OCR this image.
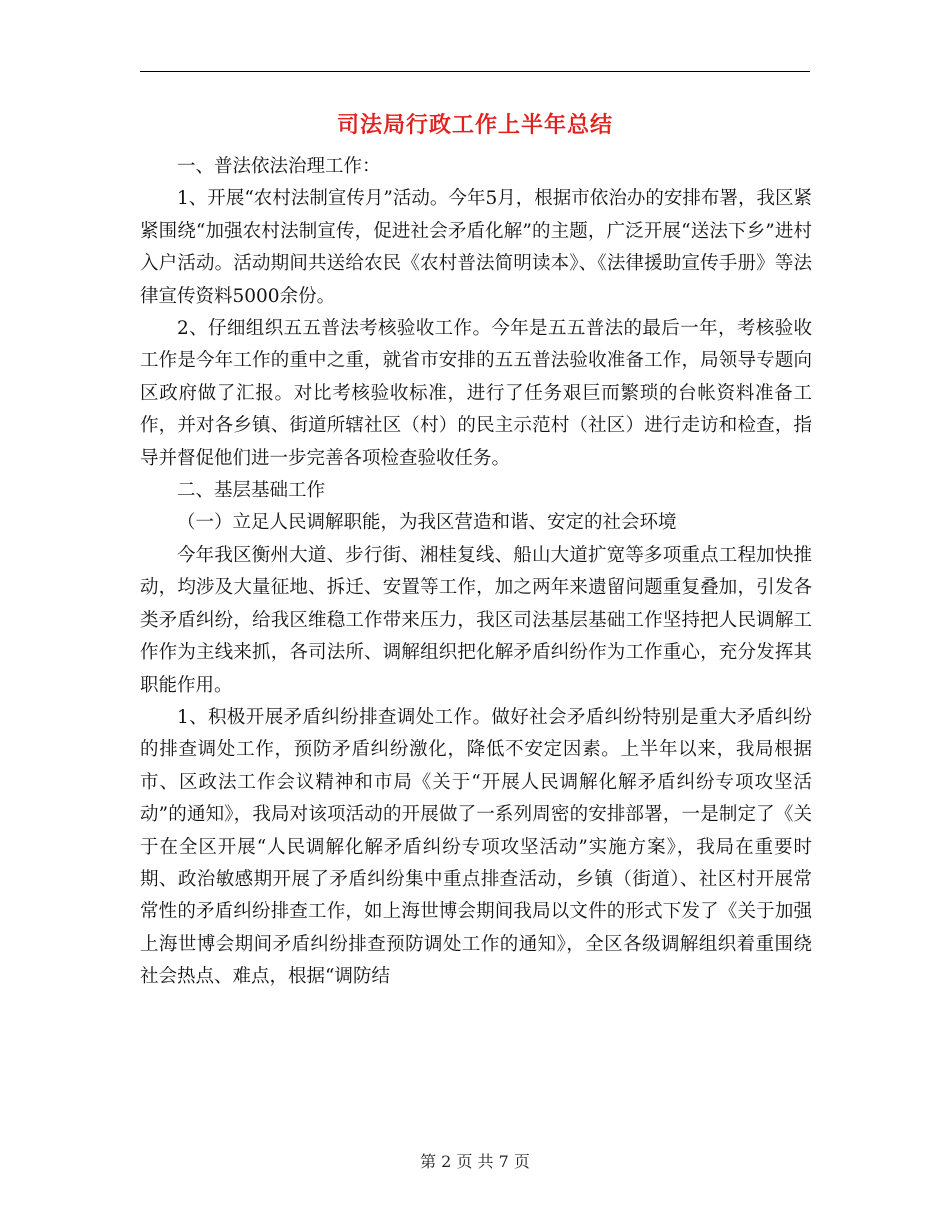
司法局行政工作上半年总结

一、普法依法治理工作：

1、开展“农村法制宣传月”活动。今年5月，根据市依治办的安排布署，我区紧紧围绕“加强农村法制宣传，促进社会矛盾化解”的主题，广泛开展“送法下乡”进村入户活动。活动期间共送给农民《农村普法简明读本》、《法律援助宣传手册》等法律宣传资料5000余份。

2、仔细组织五五普法考核验收工作。今年是五五普法的最后一年，考核验收工作是今年工作的重中之重，就省市安排的五五普法验收准备工作，局领导专题向区政府做了汇报。对比考核验收标准，进行了任务艰巨而繁琐的台帐资料准备工作，并对各乡镇、街道所辖社区（村）的民主示范村（社区）进行走访和检查，指导并督促他们进一步完善各项检查验收任务。

二、基层基础工作

（一）立足人民调解职能，为我区营造和谐、安定的社会环境

今年我区衡州大道、步行街、湘桂复线、船山大道扩宽等多项重点工程加快推动，均涉及大量征地、拆迁、安置等工作，加之两年来遗留问题重复叠加，引发各类矛盾纠纷，给我区维稳工作带来压力，我区司法基层基础工作坚持把人民调解工作作为主线来抓，各司法所、调解组织把化解矛盾纠纷作为工作重心，充分发挥其职能作用。

1、积极开展矛盾纠纷排查调处工作。做好社会矛盾纠纷特别是重大矛盾纠纷的排查调处工作，预防矛盾纠纷激化，降低不安定因素。上半年以来，我局根据市、区政法工作会议精神和市局《关于“开展人民调解化解矛盾纠纷专项攻坚活动”的通知》，我局对该项活动的开展做了一系列周密的安排部署，一是制定了《关于在全区开展“人民调解化解矛盾纠纷专项攻坚活动”实施方案》，我局在重要时期、政治敏感期开展了矛盾纠纷集中重点排查活动，乡镇（街道）、社区村开展常常性的矛盾纠纷排查工作，如上海世博会期间我局以文件的形式下发了《关于加强上海世博会期间矛盾纠纷排查预防调处工作的通知》，全区各级调解组织着重围绕社会热点、难点，根据“调防结

第 2 页 共 7 页
